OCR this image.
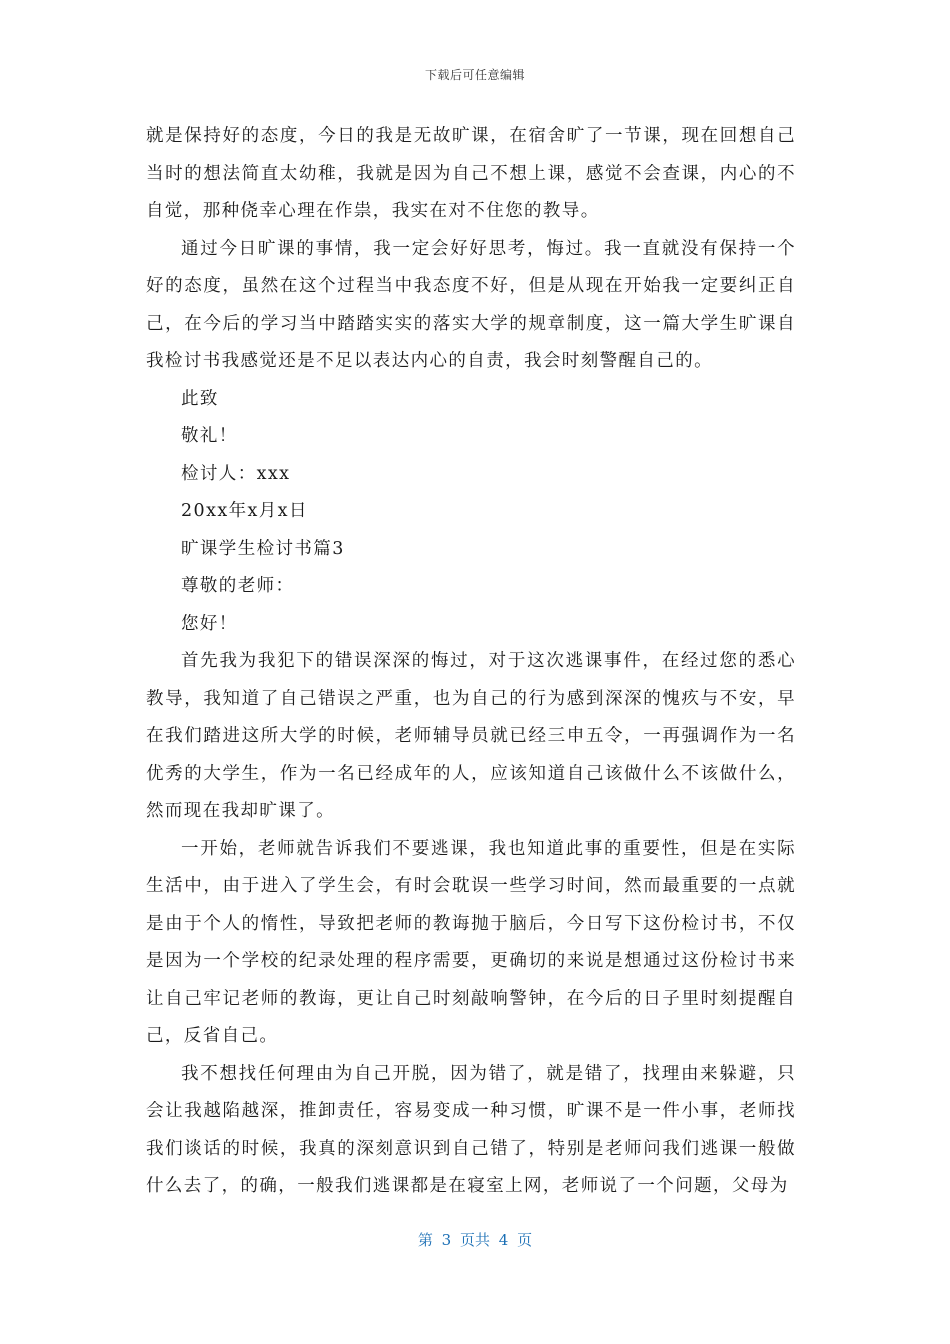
下载后可任意编辑

就是保持好的态度，今日的我是无故旷课，在宿舍旷了一节课，现在回想自己当时的想法简直太幼稚，我就是因为自己不想上课，感觉不会查课，内心的不自觉，那种侥幸心理在作祟，我实在对不住您的教导。

通过今日旷课的事情，我一定会好好思考，悔过。我一直就没有保持一个好的态度，虽然在这个过程当中我态度不好，但是从现在开始我一定要纠正自己，在今后的学习当中踏踏实实的落实大学的规章制度，这一篇大学生旷课自我检讨书我感觉还是不足以表达内心的自责，我会时刻警醒自己的。

此致

敬礼！

检讨人：xxx

20xx年x月x日

旷课学生检讨书篇3

尊敬的老师：

您好！

首先我为我犯下的错误深深的悔过，对于这次逃课事件，在经过您的悉心教导，我知道了自己错误之严重，也为自己的行为感到深深的愧疚与不安，早在我们踏进这所大学的时候，老师辅导员就已经三申五令，一再强调作为一名优秀的大学生，作为一名已经成年的人，应该知道自己该做什么不该做什么，然而现在我却旷课了。

一开始，老师就告诉我们不要逃课，我也知道此事的重要性，但是在实际生活中，由于进入了学生会，有时会耽误一些学习时间，然而最重要的一点就是由于个人的惰性，导致把老师的教诲抛于脑后，今日写下这份检讨书，不仅是因为一个学校的纪录处理的程序需要，更确切的来说是想通过这份检讨书来让自己牢记老师的教诲，更让自己时刻敲响警钟，在今后的日子里时刻提醒自己，反省自己。

我不想找任何理由为自己开脱，因为错了，就是错了，找理由来躲避，只会让我越陷越深，推卸责任，容易变成一种习惯，旷课不是一件小事，老师找我们谈话的时候，我真的深刻意识到自己错了，特别是老师问我们逃课一般做什么去了，的确，一般我们逃课都是在寝室上网，老师说了一个问题，父母为

第 3 页共 4 页
